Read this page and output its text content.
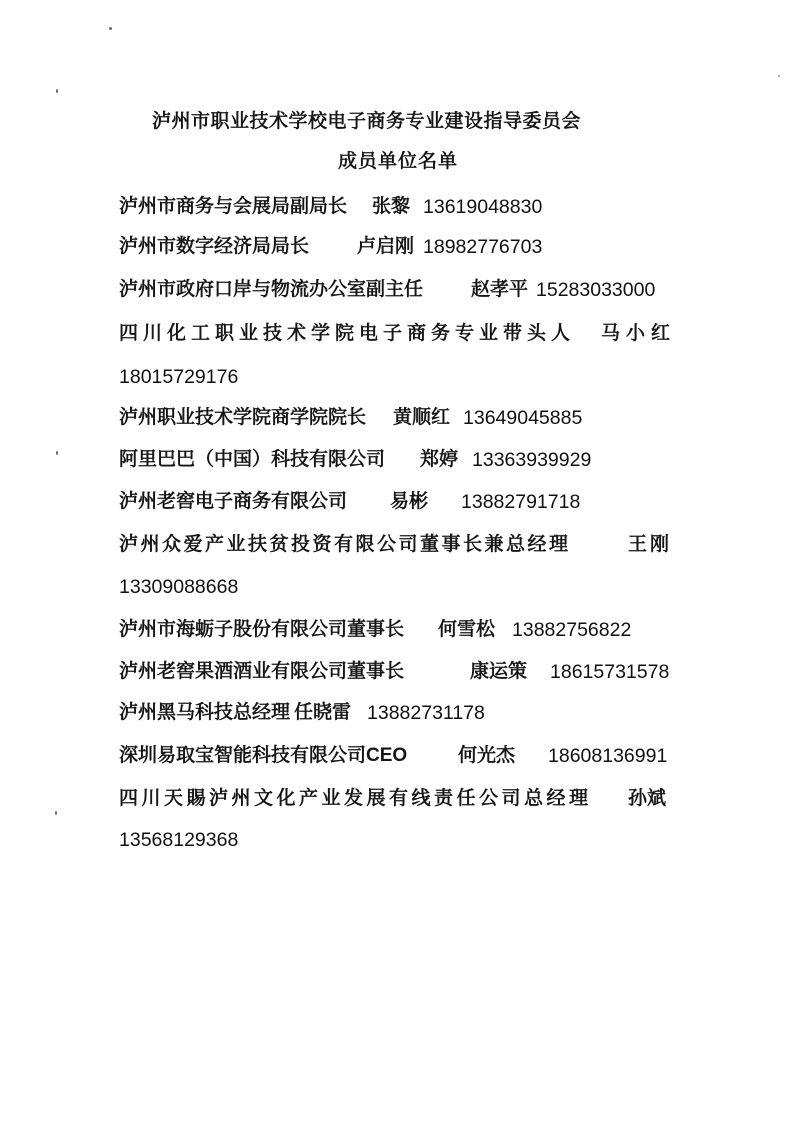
泸州市职业技术学校电子商务专业建设指导委员会
成员单位名单
泸州市商务与会展局副局长 张黎 13619048830
泸州市数字经济局局长	卢启刚 18982776703
泸州市政府口岸与物流办公室副主任	赵孝平 15283033000
四川化工职业技术学院电子商务专业带头人 马小红
18015729176
泸州职业技术学院商学院院长 黄顺红 13649045885
阿里巴巴（中国）科技有限公司 郑婷 13363939929
泸州老窖电子商务有限公司 易彬 13882791718
泸州众爱产业扶贫投资有限公司董事长兼总经理	王刚
13309088668
泸州市海蛎子股份有限公司董事长 何雪松 13882756822
泸州老窖果酒酒业有限公司董事长	康运策 18615731578
泸州黑马科技总经理 任晓雷 13882731178
深圳易取宝智能科技有限公司CEO	何光杰 18608136991
四川天賜泸州文化产业发展有线责任公司总经理 孙斌
13568129368
